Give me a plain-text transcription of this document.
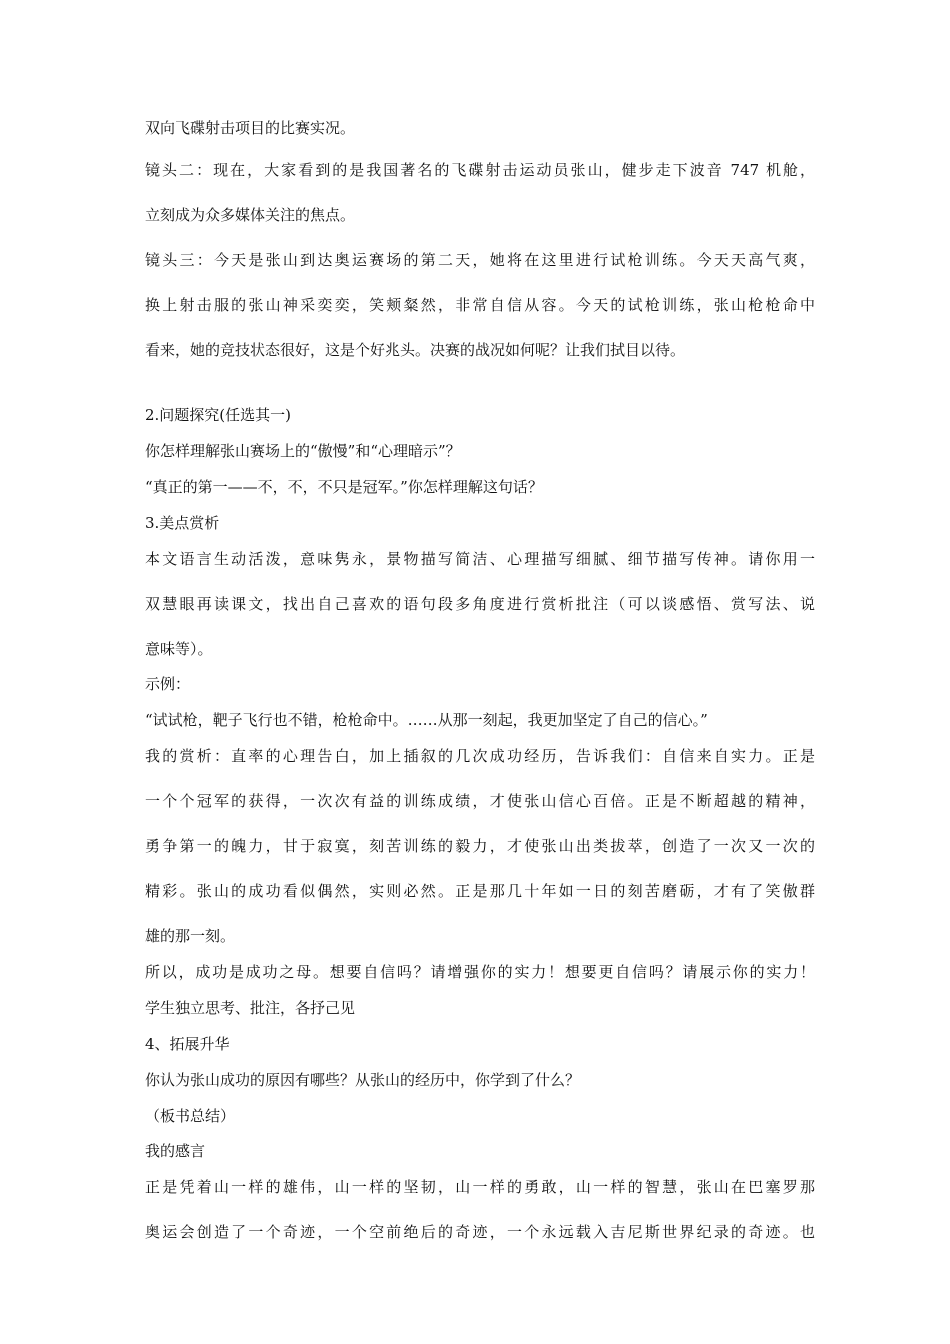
双向飞碟射击项目的比赛实况。

镜头二：现在，大家看到的是我国著名的飞碟射击运动员张山，健步走下波音 747 机舱，

立刻成为众多媒体关注的焦点。

镜头三：今天是张山到达奥运赛场的第二天，她将在这里进行试枪训练。今天天高气爽，

换上射击服的张山神采奕奕，笑颊粲然，非常自信从容。今天的试枪训练，张山枪枪命中

看来，她的竞技状态很好，这是个好兆头。决赛的战况如何呢？让我们拭目以待。

2.问题探究(任选其一)

你怎样理解张山赛场上的“傲慢”和“心理暗示”？

“真正的第一——不，不，不只是冠军。”你怎样理解这句话？

3.美点赏析

本文语言生动活泼，意味隽永，景物描写简洁、心理描写细腻、细节描写传神。请你用一

双慧眼再读课文，找出自己喜欢的语句段多角度进行赏析批注（可以谈感悟、赏写法、说

意味等）。

示例：

“试试枪，靶子飞行也不错，枪枪命中。……从那一刻起，我更加坚定了自己的信心。”

我的赏析：直率的心理告白，加上插叙的几次成功经历，告诉我们：自信来自实力。正是

一个个冠军的获得，一次次有益的训练成绩，才使张山信心百倍。正是不断超越的精神，

勇争第一的魄力，甘于寂寞，刻苦训练的毅力，才使张山出类拔萃，创造了一次又一次的

精彩。张山的成功看似偶然，实则必然。正是那几十年如一日的刻苦磨砺，才有了笑傲群

雄的那一刻。

所以，成功是成功之母。想要自信吗？请增强你的实力！想要更自信吗？请展示你的实力！

学生独立思考、批注，各抒己见

4、拓展升华

你认为张山成功的原因有哪些？从张山的经历中，你学到了什么？

（板书总结）

我的感言

正是凭着山一样的雄伟，山一样的坚韧，山一样的勇敢，山一样的智慧，张山在巴塞罗那

奥运会创造了一个奇迹，一个空前绝后的奇迹，一个永远载入吉尼斯世界纪录的奇迹。也
